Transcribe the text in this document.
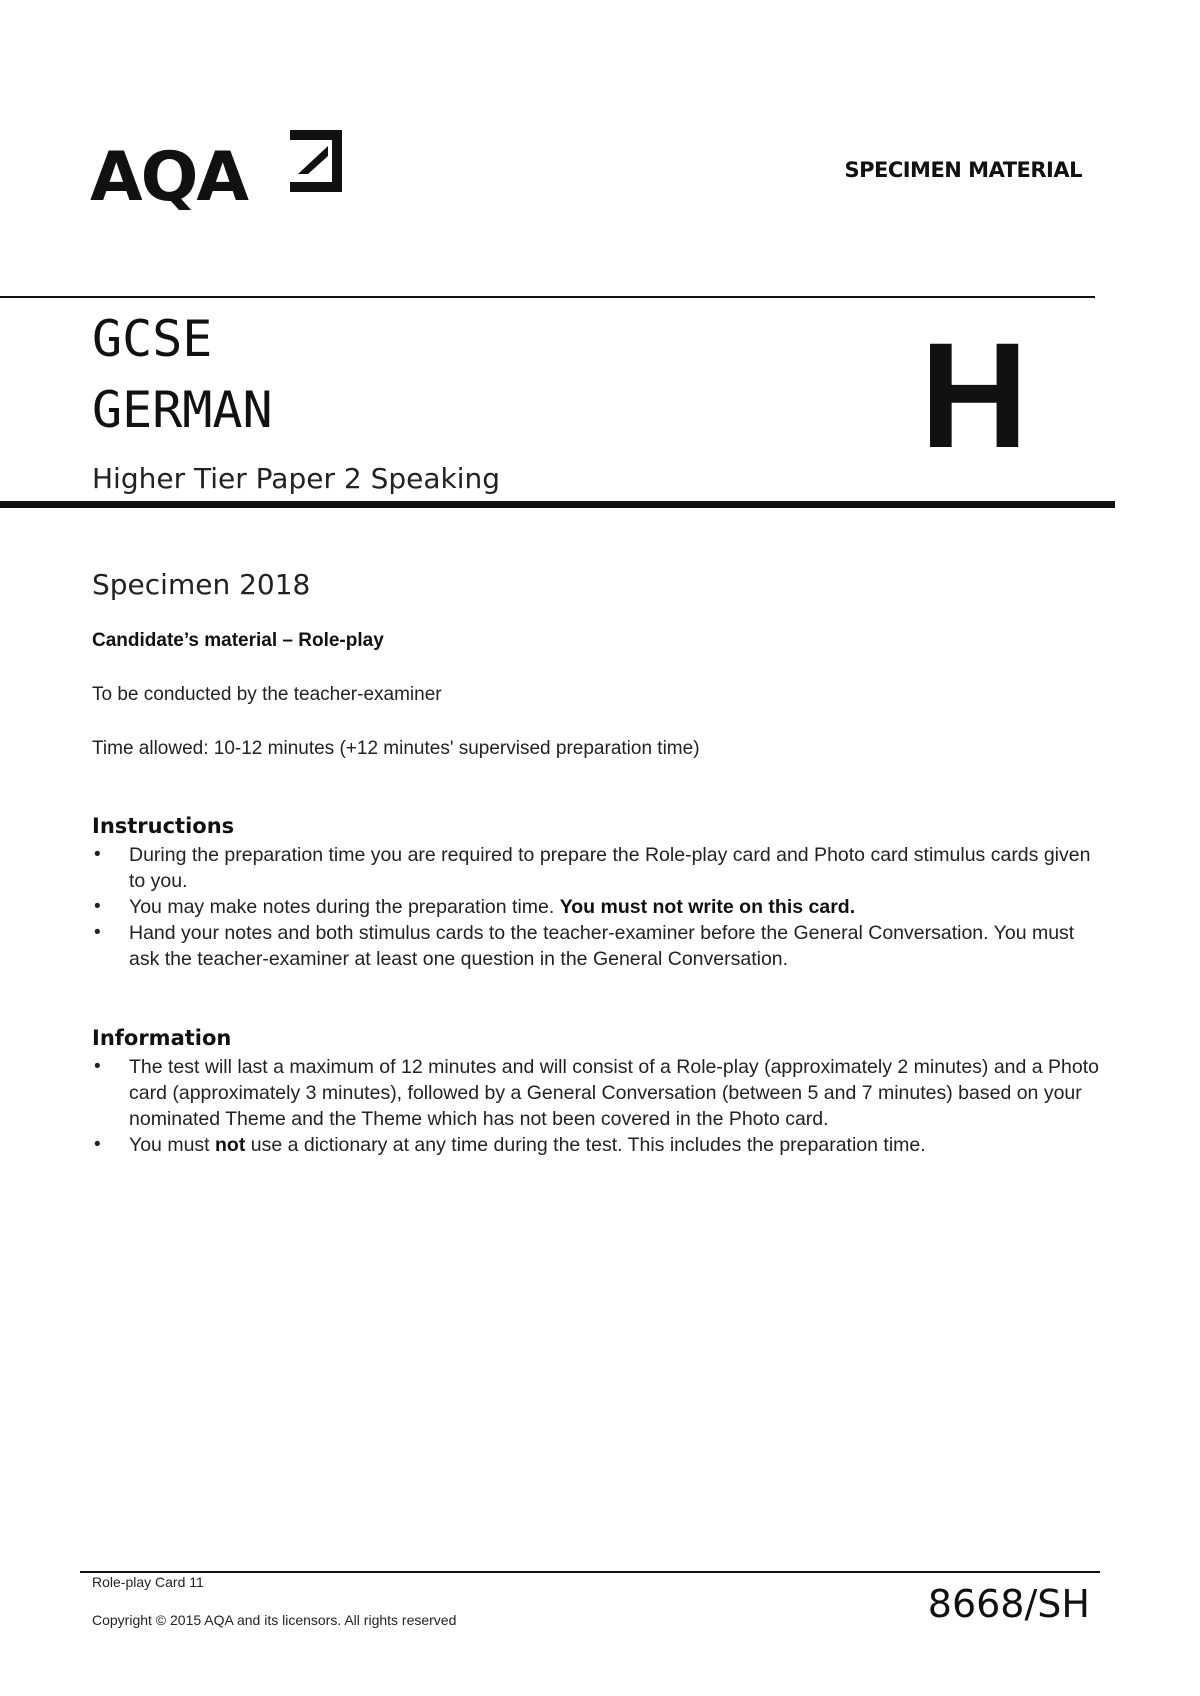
AQA	SPECIMEN MATERIAL
GCSE
GERMAN
Higher Tier Paper 2 Speaking	H
Specimen 2018
Candidate’s material – Role-play
To be conducted by the teacher-examiner
Time allowed: 10-12 minutes (+12 minutes' supervised preparation time)
Instructions
• During the preparation time you are required to prepare the Role-play card and Photo card stimulus cards given to you.
• You may make notes during the preparation time. You must not write on this card.
• Hand your notes and both stimulus cards to the teacher-examiner before the General Conversation. You must ask the teacher-examiner at least one question in the General Conversation.
Information
• The test will last a maximum of 12 minutes and will consist of a Role-play (approximately 2 minutes) and a Photo card (approximately 3 minutes), followed by a General Conversation (between 5 and 7 minutes) based on your nominated Theme and the Theme which has not been covered in the Photo card.
• You must not use a dictionary at any time during the test. This includes the preparation time.
Role-play Card 11
Copyright © 2015 AQA and its licensors. All rights reserved	8668/SH
